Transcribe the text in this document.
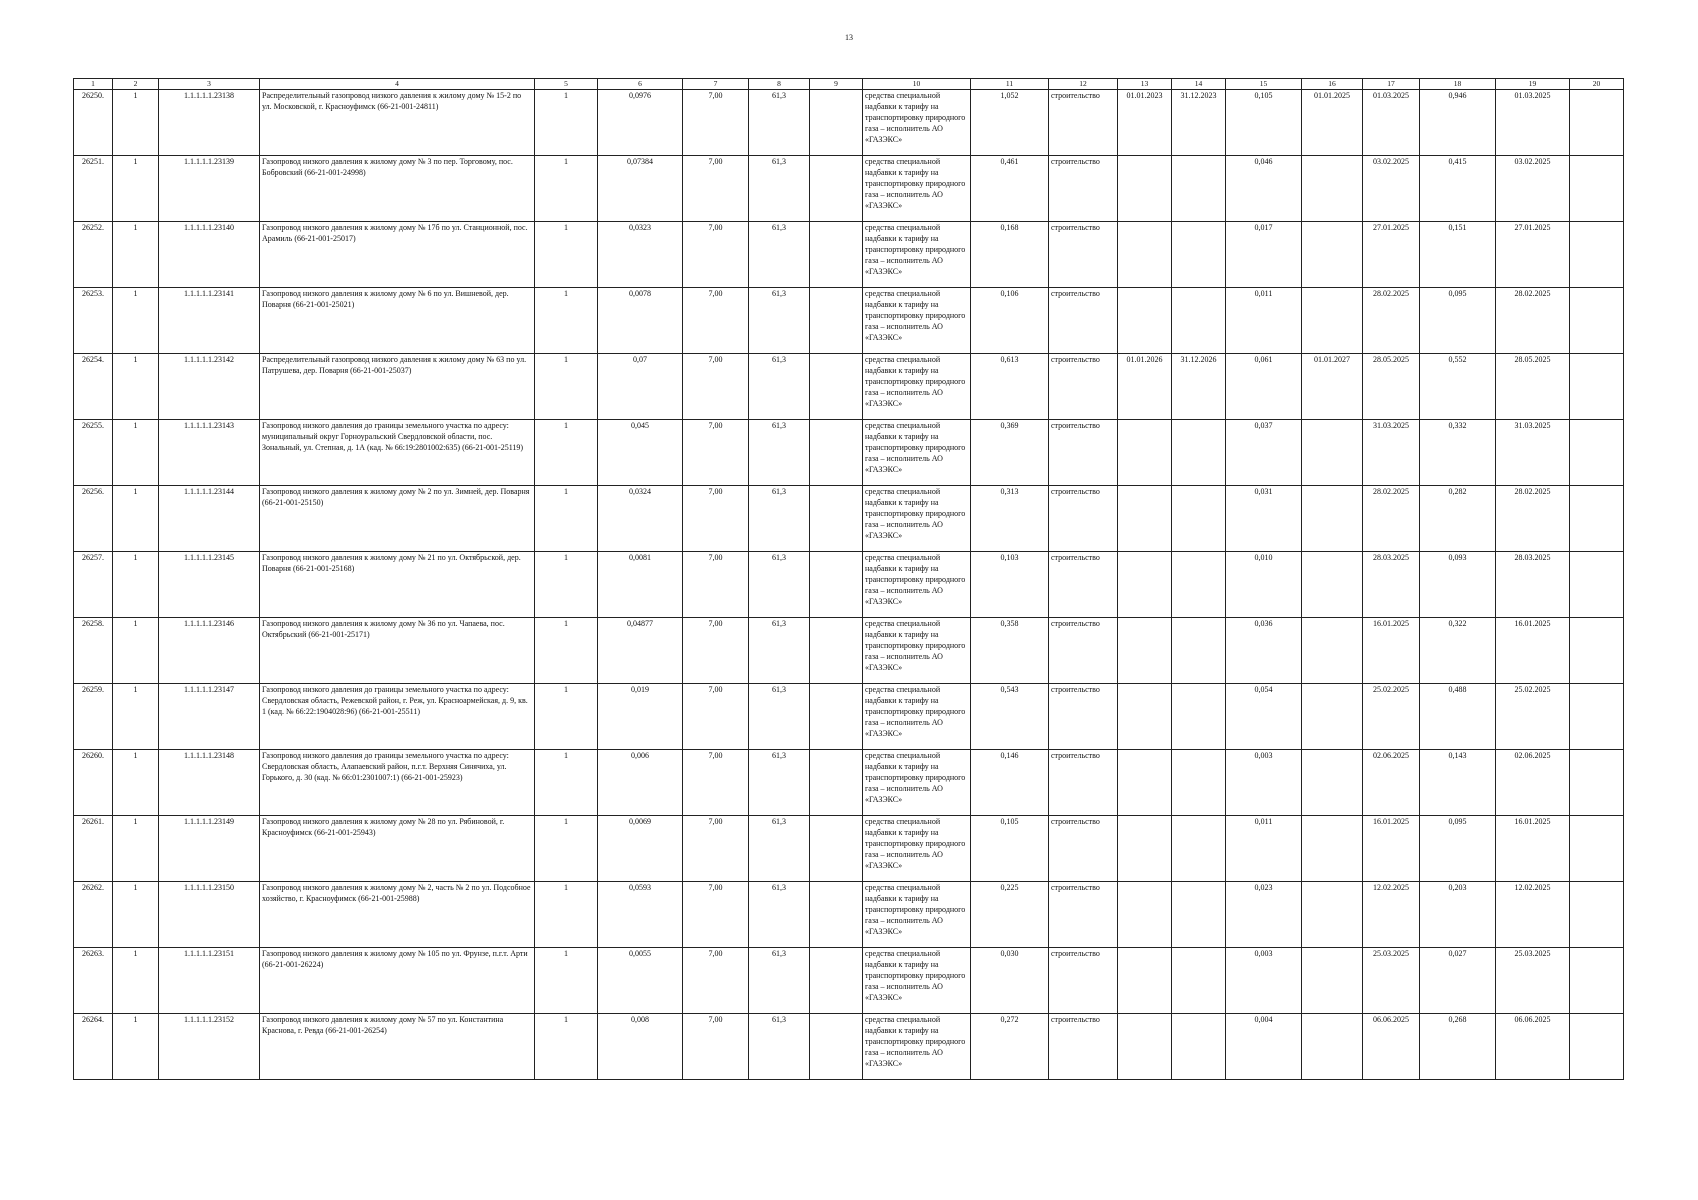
13
1	2	3	4	5	6	7	8	9	10	11	12	13	14	15	16	17	18	19	20
26250.	1	1.1.1.1.1.23138	Распределительный газопровод низкого давления к жилому дому № 15-2 по ул. Московской, г. Красноуфимск (66-21-001-24811)	1	0,0976	7,00	61,3		средства специальной надбавки к тарифу на транспортировку природного газа – исполнитель АО «ГАЗЭКС»	1,052	строительство	01.01.2023	31.12.2023	0,105	01.01.2025	01.03.2025	0,946	01.03.2025	
26251.	1	1.1.1.1.1.23139	Газопровод низкого давления к жилому дому № 3 по пер. Торговому, пос. Бобровский (66-21-001-24998)	1	0,07384	7,00	61,3		средства специальной надбавки к тарифу на транспортировку природного газа – исполнитель АО «ГАЗЭКС»	0,461	строительство			0,046		03.02.2025	0,415	03.02.2025	
26252.	1	1.1.1.1.1.23140	Газопровод низкого давления к жилому дому № 17б по ул. Станционной, пос. Арамиль (66-21-001-25017)	1	0,0323	7,00	61,3		средства специальной надбавки к тарифу на транспортировку природного газа – исполнитель АО «ГАЗЭКС»	0,168	строительство			0,017		27.01.2025	0,151	27.01.2025	
26253.	1	1.1.1.1.1.23141	Газопровод низкого давления к жилому дому № 6 по ул. Вишневой, дер. Поварня (66-21-001-25021)	1	0,0078	7,00	61,3		средства специальной надбавки к тарифу на транспортировку природного газа – исполнитель АО «ГАЗЭКС»	0,106	строительство			0,011		28.02.2025	0,095	28.02.2025	
26254.	1	1.1.1.1.1.23142	Распределительный газопровод низкого давления к жилому дому № 63 по ул. Патрушева, дер. Поварня (66-21-001-25037)	1	0,07	7,00	61,3		средства специальной надбавки к тарифу на транспортировку природного газа – исполнитель АО «ГАЗЭКС»	0,613	строительство	01.01.2026	31.12.2026	0,061	01.01.2027	28.05.2025	0,552	28.05.2025	
26255.	1	1.1.1.1.1.23143	Газопровод низкого давления до границы земельного участка по адресу: муниципальный округ Горноуральский Свердловской области, пос. Зональный, ул. Степная, д. 1А (кад. № 66:19:2801002:635) (66-21-001-25119)	1	0,045	7,00	61,3		средства специальной надбавки к тарифу на транспортировку природного газа – исполнитель АО «ГАЗЭКС»	0,369	строительство			0,037		31.03.2025	0,332	31.03.2025	
26256.	1	1.1.1.1.1.23144	Газопровод низкого давления к жилому дому № 2 по ул. Зимней, дер. Поварня (66-21-001-25150)	1	0,0324	7,00	61,3		средства специальной надбавки к тарифу на транспортировку природного газа – исполнитель АО «ГАЗЭКС»	0,313	строительство			0,031		28.02.2025	0,282	28.02.2025	
26257.	1	1.1.1.1.1.23145	Газопровод низкого давления к жилому дому № 21 по ул. Октябрьской, дер. Поварня (66-21-001-25168)	1	0,0081	7,00	61,3		средства специальной надбавки к тарифу на транспортировку природного газа – исполнитель АО «ГАЗЭКС»	0,103	строительство			0,010		28.03.2025	0,093	28.03.2025	
26258.	1	1.1.1.1.1.23146	Газопровод низкого давления к жилому дому № 36 по ул. Чапаева, пос. Октябрьский (66-21-001-25171)	1	0,04877	7,00	61,3		средства специальной надбавки к тарифу на транспортировку природного газа – исполнитель АО «ГАЗЭКС»	0,358	строительство			0,036		16.01.2025	0,322	16.01.2025	
26259.	1	1.1.1.1.1.23147	Газопровод низкого давления до границы земельного участка по адресу: Свердловская область, Режевской район, г. Реж, ул. Красноармейская, д. 9, кв. 1 (кад. № 66:22:1904028:96) (66-21-001-25511)	1	0,019	7,00	61,3		средства специальной надбавки к тарифу на транспортировку природного газа – исполнитель АО «ГАЗЭКС»	0,543	строительство			0,054		25.02.2025	0,488	25.02.2025	
26260.	1	1.1.1.1.1.23148	Газопровод низкого давления до границы земельного участка по адресу: Свердловская область, Алапаевский район, п.г.т. Верхняя Синячиха, ул. Горького, д. 30 (кад. № 66:01:2301007:1) (66-21-001-25923)	1	0,006	7,00	61,3		средства специальной надбавки к тарифу на транспортировку природного газа – исполнитель АО «ГАЗЭКС»	0,146	строительство			0,003		02.06.2025	0,143	02.06.2025	
26261.	1	1.1.1.1.1.23149	Газопровод низкого давления к жилому дому № 28 по ул. Рябиновой, г. Красноуфимск (66-21-001-25943)	1	0,0069	7,00	61,3		средства специальной надбавки к тарифу на транспортировку природного газа – исполнитель АО «ГАЗЭКС»	0,105	строительство			0,011		16.01.2025	0,095	16.01.2025	
26262.	1	1.1.1.1.1.23150	Газопровод низкого давления к жилому дому № 2, часть № 2 по ул. Подсобное хозяйство, г. Красноуфимск (66-21-001-25988)	1	0,0593	7,00	61,3		средства специальной надбавки к тарифу на транспортировку природного газа – исполнитель АО «ГАЗЭКС»	0,225	строительство			0,023		12.02.2025	0,203	12.02.2025	
26263.	1	1.1.1.1.1.23151	Газопровод низкого давления к жилому дому № 105 по ул. Фрунзе, п.г.т. Арти (66-21-001-26224)	1	0,0055	7,00	61,3		средства специальной надбавки к тарифу на транспортировку природного газа – исполнитель АО «ГАЗЭКС»	0,030	строительство			0,003		25.03.2025	0,027	25.03.2025	
26264.	1	1.1.1.1.1.23152	Газопровод низкого давления к жилому дому № 57 по ул. Константина Краснова, г. Ревда (66-21-001-26254)	1	0,008	7,00	61,3		средства специальной надбавки к тарифу на транспортировку природного газа – исполнитель АО «ГАЗЭКС»	0,272	строительство			0,004		06.06.2025	0,268	06.06.2025	
